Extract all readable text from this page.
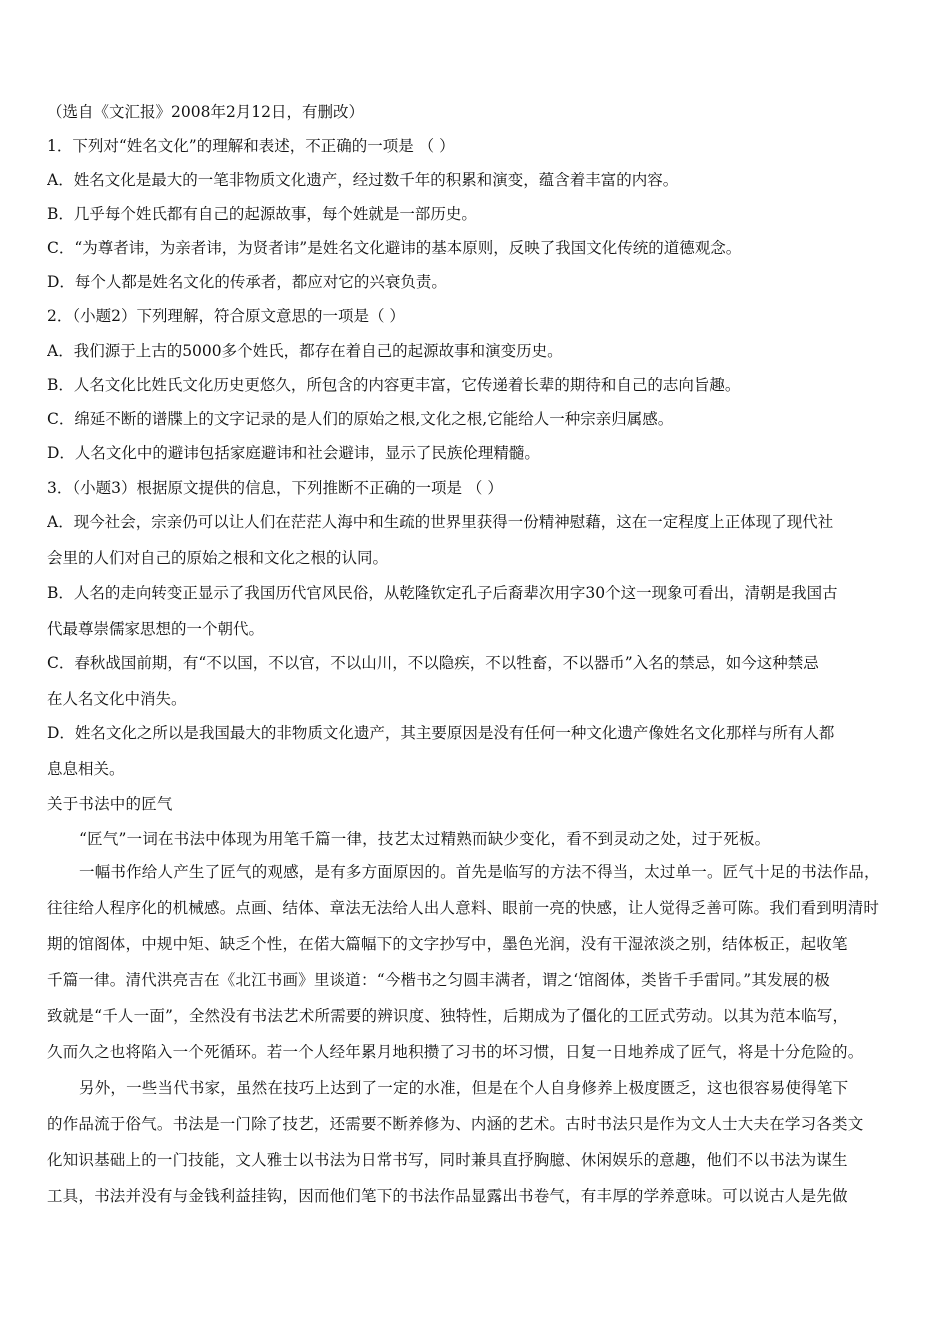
（选自《文汇报》2008年2月12日，有删改）
1．下列对“姓名文化”的理解和表述，不正确的一项是 （ ）
A．姓名文化是最大的一笔非物质文化遗产，经过数千年的积累和演变，蕴含着丰富的内容。
B．几乎每个姓氏都有自己的起源故事，每个姓就是一部历史。
C．“为尊者讳，为亲者讳，为贤者讳”是姓名文化避讳的基本原则，反映了我国文化传统的道德观念。
D．每个人都是姓名文化的传承者，都应对它的兴衰负责。
2．（小题2）下列理解，符合原文意思的一项是（ ）
A．我们源于上古的5000多个姓氏，都存在着自己的起源故事和演变历史。
B．人名文化比姓氏文化历史更悠久，所包含的内容更丰富，它传递着长辈的期待和自己的志向旨趣。
C．绵延不断的谱牒上的文字记录的是人们的原始之根,文化之根,它能给人一种宗亲归属感。
D．人名文化中的避讳包括家庭避讳和社会避讳，显示了民族伦理精髓。
3．（小题3）根据原文提供的信息，下列推断不正确的一项是 （ ）
A．现今社会，宗亲仍可以让人们在茫茫人海中和生疏的世界里获得一份精神慰藉，这在一定程度上正体现了现代社
会里的人们对自己的原始之根和文化之根的认同。
B．人名的走向转变正显示了我国历代官风民俗，从乾隆钦定孔子后裔辈次用字30个这一现象可看出，清朝是我国古
代最尊崇儒家思想的一个朝代。
C．春秋战国前期，有“不以国，不以官，不以山川，不以隐疾，不以牲畜，不以器币”入名的禁忌，如今这种禁忌
在人名文化中消失。
D．姓名文化之所以是我国最大的非物质文化遗产，其主要原因是没有任何一种文化遗产像姓名文化那样与所有人都
息息相关。
关于书法中的匠气
“匠气”一词在书法中体现为用笔千篇一律，技艺太过精熟而缺少变化，看不到灵动之处，过于死板。
一幅书作给人产生了匠气的观感，是有多方面原因的。首先是临写的方法不得当，太过单一。匠气十足的书法作品，
往往给人程序化的机械感。点画、结体、章法无法给人出人意料、眼前一亮的快感，让人觉得乏善可陈。我们看到明清时
期的馆阁体，中规中矩、缺乏个性，在偌大篇幅下的文字抄写中，墨色光润，没有干湿浓淡之别，结体板正，起收笔
千篇一律。清代洪亮吉在《北江书画》里谈道：“今楷书之匀圆丰满者，谓之‘馆阁体，类皆千手雷同。”其发展的极
致就是“千人一面”，全然没有书法艺术所需要的辨识度、独特性，后期成为了僵化的工匠式劳动。以其为范本临写，
久而久之也将陷入一个死循环。若一个人经年累月地积攒了习书的坏习惯，日复一日地养成了匠气，将是十分危险的。
另外，一些当代书家，虽然在技巧上达到了一定的水准，但是在个人自身修养上极度匮乏，这也很容易使得笔下
的作品流于俗气。书法是一门除了技艺，还需要不断养修为、内涵的艺术。古时书法只是作为文人士大夫在学习各类文
化知识基础上的一门技能，文人雅士以书法为日常书写，同时兼具直抒胸臆、休闲娱乐的意趣，他们不以书法为谋生
工具，书法并没有与金钱利益挂钩，因而他们笔下的书法作品显露出书卷气，有丰厚的学养意味。可以说古人是先做
